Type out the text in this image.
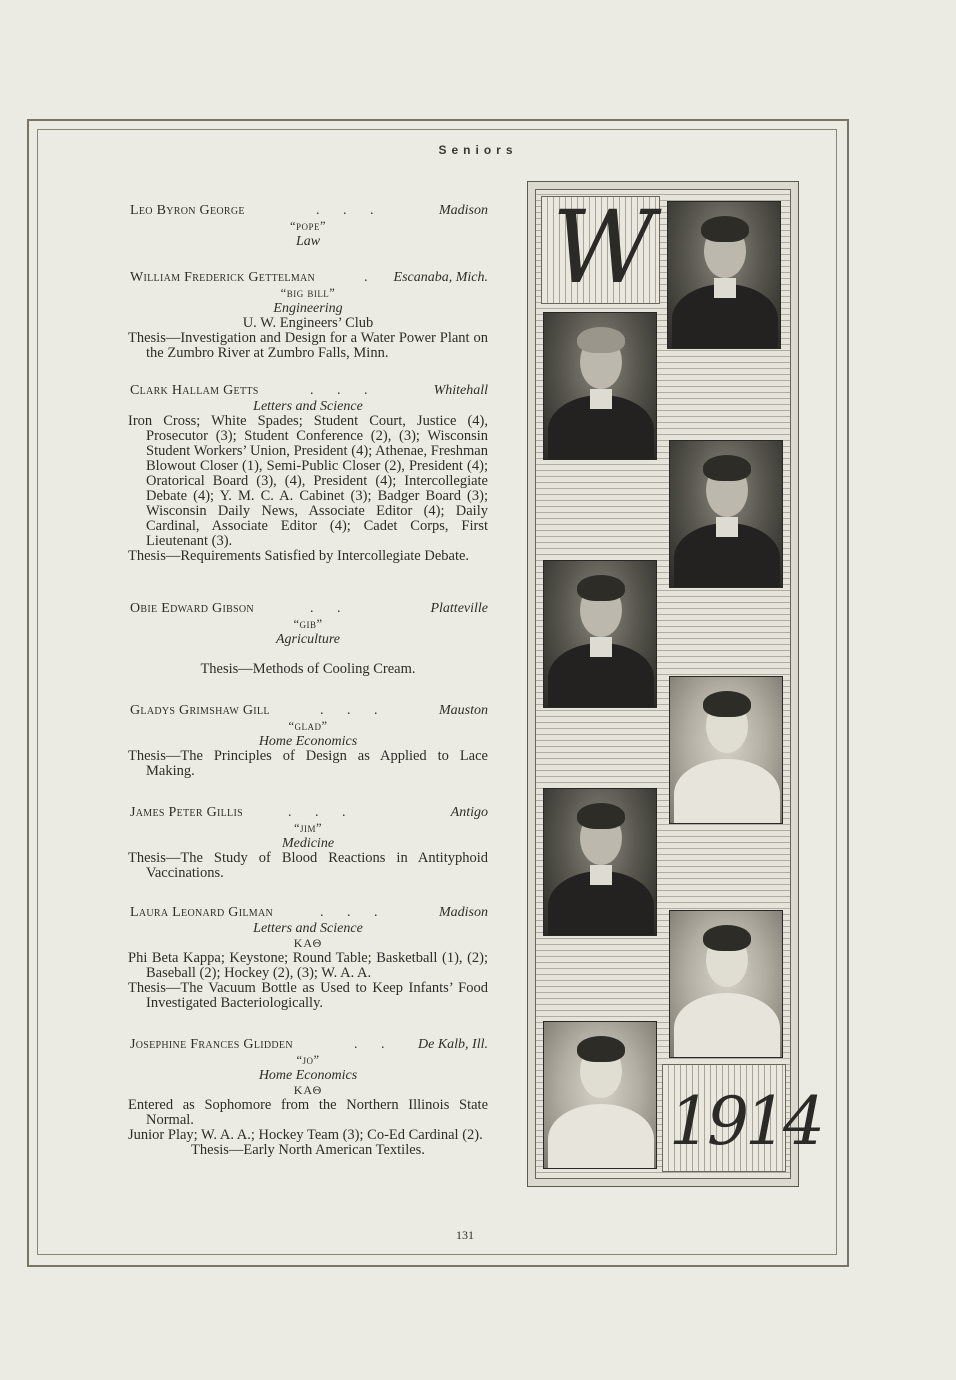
Seniors
Leo Byron George	. . .	Madison
“pope”
Law
William Frederick Gettelman	. Escanaba, Mich.
“big bill”
Engineering
U. W. Engineers’ Club
Thesis—Investigation and Design for a Water Power Plant on the Zumbro River at Zumbro Falls, Minn.
Clark Hallam Getts	. . .	Whitehall
Letters and Science
Iron Cross; White Spades; Student Court, Justice (4), Prosecutor (3); Student Conference (2), (3); Wisconsin Student Workers’ Union, President (4); Athenae, Freshman Blowout Closer (1), Semi-Public Closer (2), President (4); Oratorical Board (3), (4), President (4); Intercollegiate Debate (4); Y. M. C. A. Cabinet (3); Badger Board (3); Wisconsin Daily News, Associate Editor (4); Daily Cardinal, Associate Editor (4); Cadet Corps, First Lieutenant (3).
Thesis—Requirements Satisfied by Intercollegiate Debate.
Obie Edward Gibson	. .	Platteville
“gib”
Agriculture
Thesis—Methods of Cooling Cream.
Gladys Grimshaw Gill	. . .	Mauston
“glad”
Home Economics
Thesis—The Principles of Design as Applied to Lace Making.
James Peter Gillis	. . .	Antigo
“jim”
Medicine
Thesis—The Study of Blood Reactions in Antityphoid Vaccinations.
Laura Leonard Gilman	. . .	Madison
Letters and Science
ΚΑΘ
Phi Beta Kappa; Keystone; Round Table; Basketball (1), (2); Baseball (2); Hockey (2), (3); W. A. A.
Thesis—The Vacuum Bottle as Used to Keep Infants’ Food Investigated Bacteriologically.
Josephine Frances Glidden	. . De Kalb, Ill.
“jo”
Home Economics
ΚΑΘ
Entered as Sophomore from the Northern Illinois State Normal.
Junior Play; W. A. A.; Hockey Team (3); Co-Ed Cardinal (2).
Thesis—Early North American Textiles.
W
1914
131
